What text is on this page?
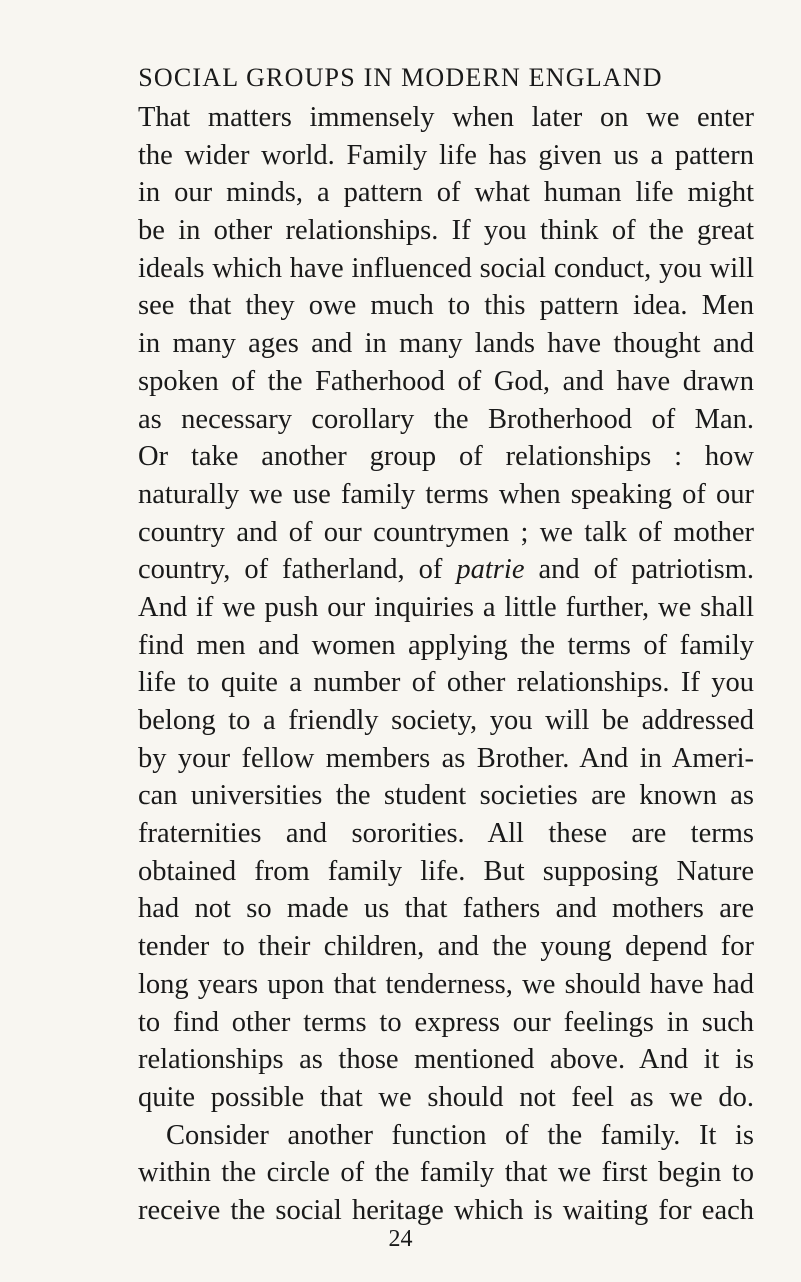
SOCIAL GROUPS IN MODERN ENGLAND
That matters immensely when later on we enter
the wider world. Family life has given us a pattern
in our minds, a pattern of what human life might
be in other relationships. If you think of the great
ideals which have influenced social conduct, you will
see that they owe much to this pattern idea. Men
in many ages and in many lands have thought and
spoken of the Fatherhood of God, and have drawn
as necessary corollary the Brotherhood of Man.
Or take another group of relationships : how
naturally we use family terms when speaking of our
country and of our countrymen ; we talk of mother
country, of fatherland, of patrie and of patriotism.
And if we push our inquiries a little further, we shall
find men and women applying the terms of family
life to quite a number of other relationships. If you
belong to a friendly society, you will be addressed
by your fellow members as Brother. And in Ameri-
can universities the student societies are known as
fraternities and sororities. All these are terms
obtained from family life. But supposing Nature
had not so made us that fathers and mothers are
tender to their children, and the young depend for
long years upon that tenderness, we should have had
to find other terms to express our feelings in such
relationships as those mentioned above. And it is
quite possible that we should not feel as we do.
Consider another function of the family. It is
within the circle of the family that we first begin to
receive the social heritage which is waiting for each
24
